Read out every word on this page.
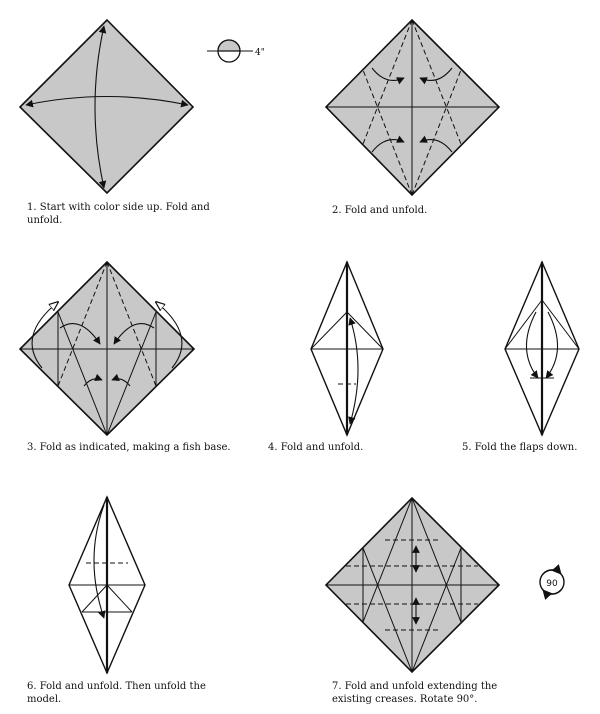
4"
90

1. Start with color side up. Fold and unfold.

2. Fold and unfold.

3. Fold as indicated, making a fish base.	4. Fold and unfold.	5. Fold the flaps down.

6. Fold and unfold. Then unfold the model.

7. Fold and unfold extending the existing creases. Rotate 90°.
